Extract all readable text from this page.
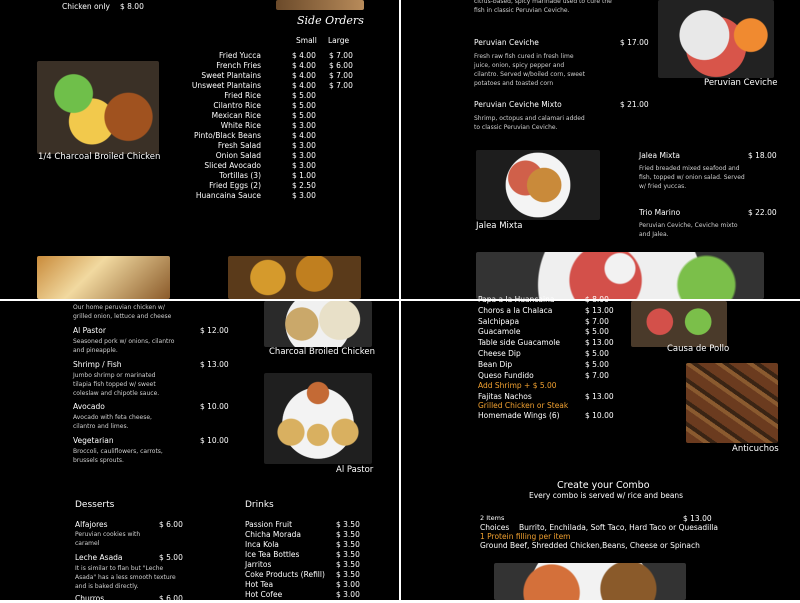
Chicken only $ 8.00
1/4 Charcoal Broiled Chicken
Side Orders
Small Large
Fried Yucca	$ 4.00 $ 7.00
French Fries	$ 4.00 $ 6.00
Sweet Plantains	$ 4.00 $ 7.00
Unsweet Plantains	$ 4.00 $ 7.00
Fried Rice	$ 5.00
Cilantro Rice	$ 5.00
Mexican Rice	$ 5.00
White Rice	$ 3.00
Pinto/Black Beans	$ 4.00
Fresh Salad	$ 3.00
Onion Salad	$ 3.00
Sliced Avocado	$ 3.00
Tortillas (3)	$ 1.00
Fried Eggs (2)	$ 2.50
Huancaina Sauce	$ 3.00
citrus-based, spicy marinade used to cure the fish in classic Peruvian Ceviche.
Peruvian Ceviche
Peruvian Ceviche	$ 17.00
Fresh raw fish cured in fresh lime juice, onion, spicy pepper and cilantro. Served w/boiled corn, sweet potatoes and toasted corn
Peruvian Ceviche Mixto	$ 21.00
Shrimp, octopus and calamari added to classic Peruvian Ceviche.
Jalea Mixta
Jalea Mixta	$ 18.00
Fried breaded mixed seafood and fish, topped w/ onion salad. Served w/ fried yuccas.
Trio Marino	$ 22.00
Peruvian Ceviche, Ceviche mixto and Jalea.
Our home peruvian chicken w/ grilled onion, lettuce and cheese
Al Pastor	$ 12.00
Seasoned pork w/ onions, cilantro and pineapple.
Shrimp / Fish	$ 13.00
Jumbo shrimp or marinated tilapia fish topped w/ sweet coleslaw and chipotle sauce.
Avocado	$ 10.00
Avocado with feta cheese, cilantro and limes.
Vegetarian	$ 10.00
Broccoli, cauliflowers, carrots, brussels sprouts.
Charcoal Broiled Chicken
Al Pastor
Desserts
Alfajores	$ 6.00
Peruvian cookies with caramel
Leche Asada	$ 5.00
It is similar to flan but "Leche Asada" has a less smooth texture and is baked directly.
Churros	$ 6.00
Drinks
Passion Fruit	$ 3.50
Chicha Morada	$ 3.50
Inca Kola	$ 3.50
Ice Tea Bottles	$ 3.50
Jarritos	$ 3.50
Coke Products (Refill) $ 3.50
Hot Tea	$ 3.00
Hot Cofee	$ 3.00
Papa a la Huancaina	$ 8.00
Choros a la Chalaca	$ 13.00
Salchipapa	$ 7.00
Guacamole	$ 5.00
Table side Guacamole	$ 13.00
Cheese Dip	$ 5.00
Bean Dip	$ 5.00
Queso Fundido	$ 7.00
Add Shrimp + $ 5.00
Fajitas Nachos	$ 13.00
Grilled Chicken or Steak
Homemade Wings (6)	$ 10.00
Causa de Pollo
Anticuchos
Create your Combo
Every combo is served w/ rice and beans
2 Items	$ 13.00
Choices Burrito, Enchilada, Soft Taco, Hard Taco or Quesadilla
1 Protein filling per item
Ground Beef, Shredded Chicken,Beans, Cheese or Spinach
